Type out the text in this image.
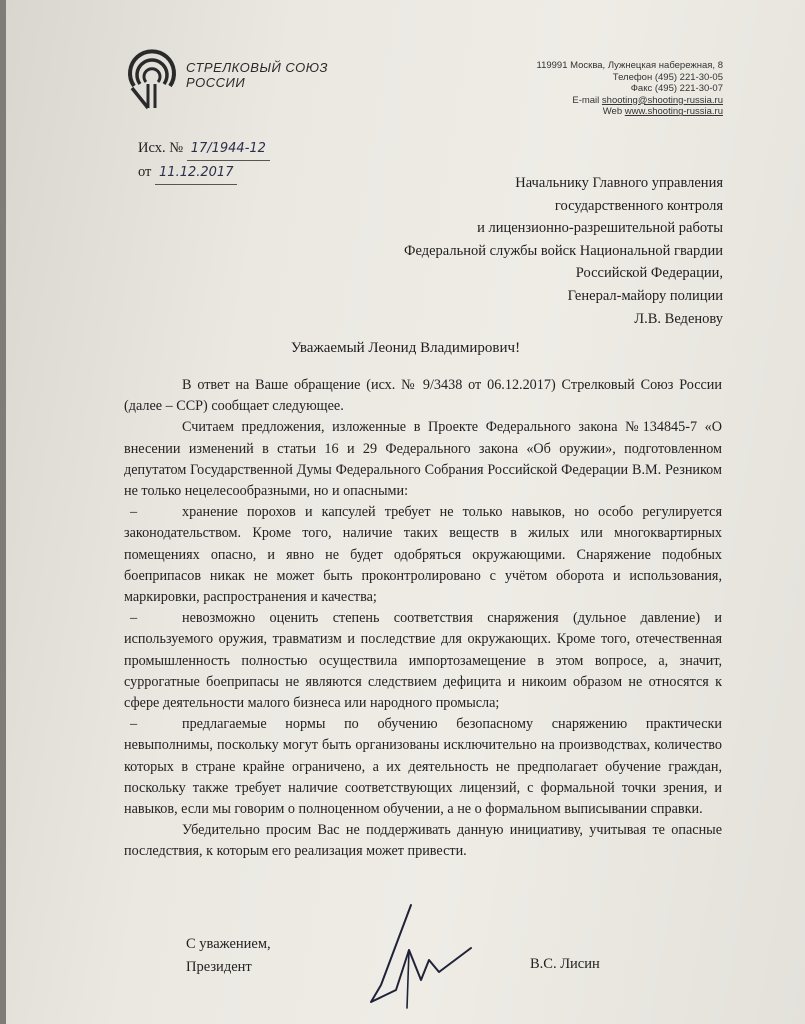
СТРЕЛКОВЫЙ СОЮЗ
РОССИИ
119991 Москва, Лужнецкая набережная, 8
Телефон (495) 221-30-05
Факс (495) 221-30-07
E-mail shooting@shooting-russia.ru
Web www.shooting-russia.ru
Исх. № 17/1944-12
от 11.12.2017
Начальнику Главного управления
государственного контроля
и лицензионно-разрешительной работы
Федеральной службы войск Национальной гвардии
Российской Федерации,
Генерал-майору полиции
Л.В. Веденову
Уважаемый Леонид Владимирович!

В ответ на Ваше обращение (исх. № 9/3438 от 06.12.2017) Стрелковый Союз России (далее – ССР) сообщает следующее.

Считаем предложения, изложенные в Проекте Федерального закона №134845-7 «О внесении изменений в статьи 16 и 29 Федерального закона «Об оружии», подготовленном депутатом Государственной Думы Федерального Собрания Российской Федерации В.М. Резником не только нецелесообразными, но и опасными:

–	хранение порохов и капсулей требует не только навыков, но особо регулируется законодательством. Кроме того, наличие таких веществ в жилых или многоквартирных помещениях опасно, и явно не будет одобряться окружающими. Снаряжение подобных боеприпасов никак не может быть проконтролировано с учётом оборота и использования, маркировки, распространения и качества;

–	невозможно оценить степень соответствия снаряжения (дульное давление) и используемого оружия, травматизм и последствие для окружающих. Кроме того, отечественная промышленность полностью осуществила импортозамещение в этом вопросе, а, значит, суррогатные боеприпасы не являются следствием дефицита и никоим образом не относятся к сфере деятельности малого бизнеса или народного промысла;

–	предлагаемые нормы по обучению безопасному снаряжению практически невыполнимы, поскольку могут быть организованы исключительно на производствах, количество которых в стране крайне ограничено, а их деятельность не предполагает обучение граждан, поскольку также требует наличие соответствующих лицензий, с формальной точки зрения, и навыков, если мы говорим о полноценном обучении, а не о формальном выписывании справки.

Убедительно просим Вас не поддерживать данную инициативу, учитывая те опасные последствия, к которым его реализация может привести.

С уважением,
Президент	В.С. Лисин
